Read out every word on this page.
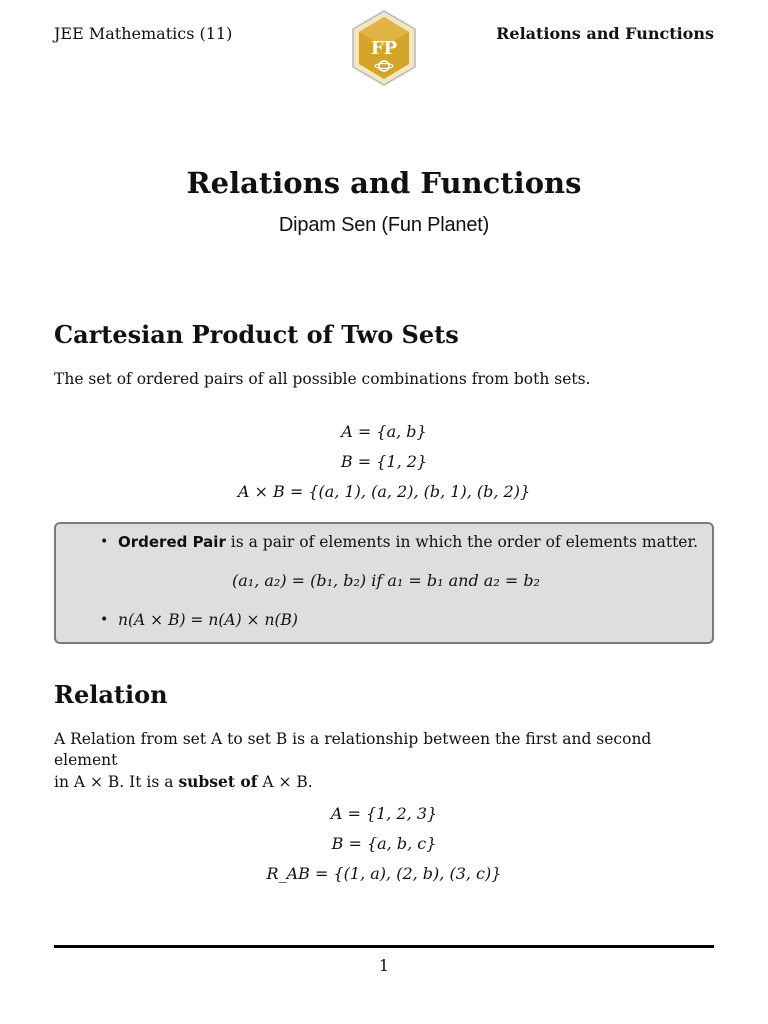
JEE Mathematics (11)
FP
Relations and Functions
Relations and Functions
Dipam Sen (Fun Planet)
Cartesian Product of Two Sets
The set of ordered pairs of all possible combinations from both sets.
A = {a, b}
B = {1, 2}
A × B = {(a, 1), (a, 2), (b, 1), (b, 2)}
• Ordered Pair is a pair of elements in which the order of elements matter.
(a₁, a₂) = (b₁, b₂) if a₁ = b₁ and a₂ = b₂
• n(A × B) = n(A) × n(B)
Relation
A Relation from set A to set B is a relationship between the first and second element
in A × B. It is a subset of A × B.
A = {1, 2, 3}
B = {a, b, c}
R_AB = {(1, a), (2, b), (3, c)}
1
